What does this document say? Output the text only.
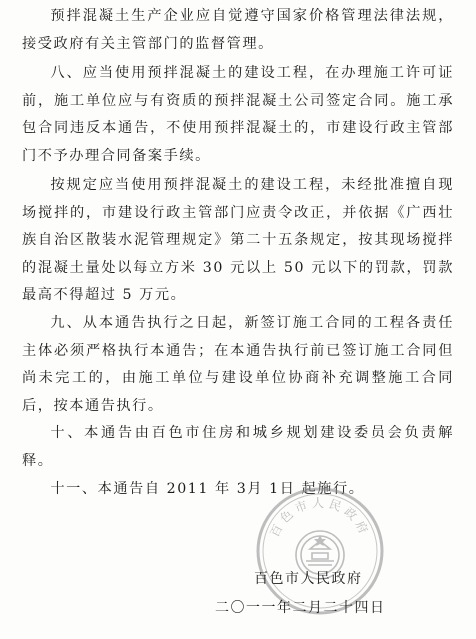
预拌混凝土生产企业应自觉遵守国家价格管理法律法规，接受政府有关主管部门的监督管理。

八、应当使用预拌混凝土的建设工程，在办理施工许可证前，施工单位应与有资质的预拌混凝土公司签定合同。施工承包合同违反本通告，不使用预拌混凝土的，市建设行政主管部门不予办理合同备案手续。

按规定应当使用预拌混凝土的建设工程，未经批准擅自现场搅拌的，市建设行政主管部门应责令改正，并依据《广西壮族自治区散装水泥管理规定》第二十五条规定，按其现场搅拌的混凝土量处以每立方米 30 元以上 50 元以下的罚款，罚款最高不得超过 5 万元。

九、从本通告执行之日起，新签订施工合同的工程各责任主体必须严格执行本通告；在本通告执行前已签订施工合同但尚未完工的，由施工单位与建设单位协商补充调整施工合同后，按本通告执行。

十、本通告由百色市住房和城乡规划建设委员会负责解释。

十一、本通告自 2011 年 3月 1日 起施行。

百色市人民政府
百色市人民政府
二〇一一年二月二十四日
